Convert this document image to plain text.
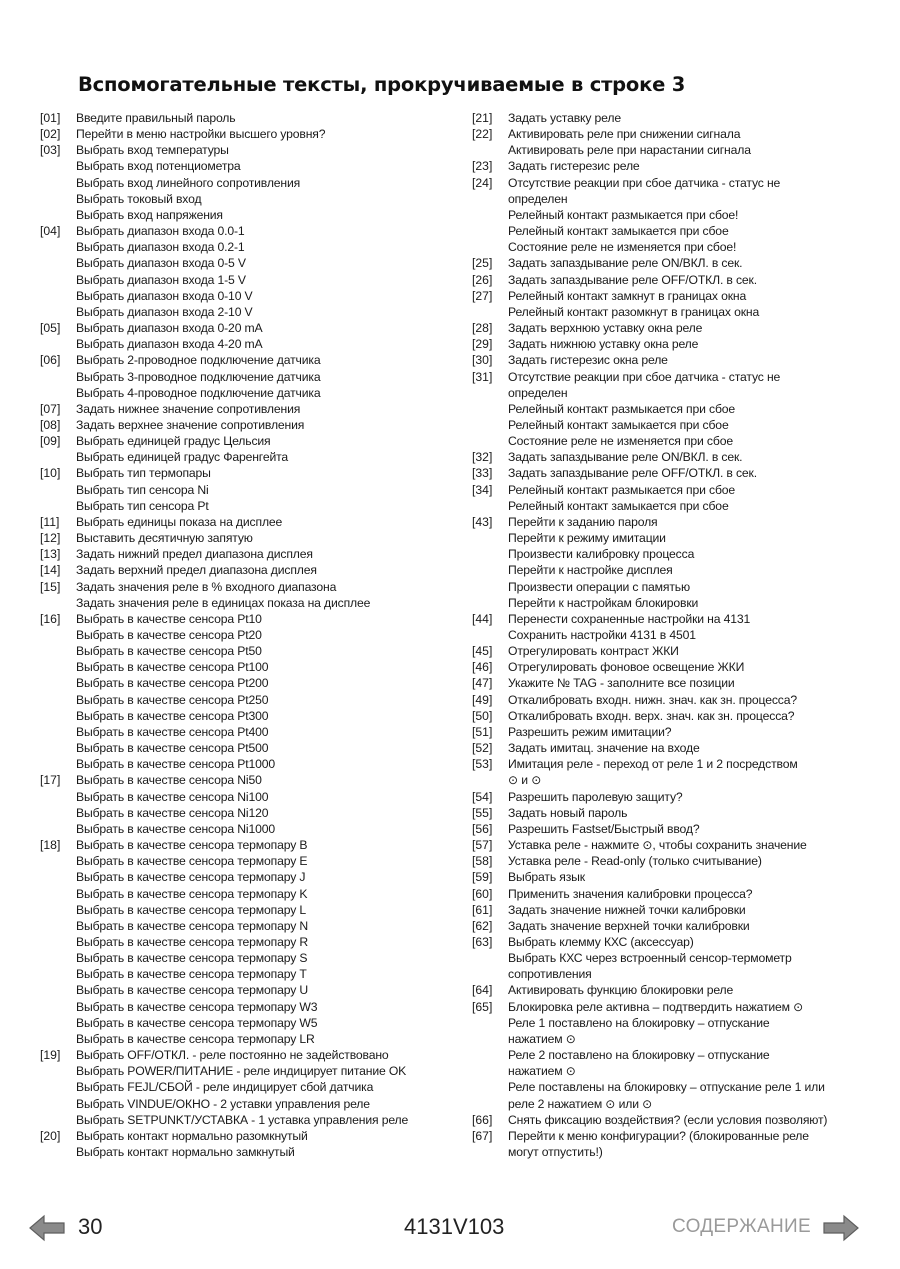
Вспомогательные тексты, прокручиваемые в строке 3
[01]	Введите правильный пароль
[02]	Перейти в меню настройки высшего уровня?
[03]	Выбрать вход температуры
Выбрать вход потенциометра
Выбрать вход линейного сопротивления
Выбрать токовый вход
Выбрать вход напряжения
[04]	Выбрать диапазон входа 0.0-1
Выбрать диапазон входа 0.2-1
Выбрать диапазон входа 0-5 V
Выбрать диапазон входа 1-5 V
Выбрать диапазон входа 0-10 V
Выбрать диапазон входа 2-10 V
[05]	Выбрать диапазон входа 0-20 mA
Выбрать диапазон входа 4-20 mA
[06]	Выбрать 2-проводное подключение датчика
Выбрать 3-проводное подключение датчика
Выбрать 4-проводное подключение датчика
[07]	Задать нижнее значение сопротивления
[08]	Задать верхнее значение сопротивления
[09]	Выбрать единицей градус Цельсия
Выбрать единицей градус Фаренгейта
[10]	Выбрать тип термопары
Выбрать тип сенсора Ni
Выбрать тип сенсора Pt
[11]	Выбрать единицы показа на дисплее
[12]	Выставить десятичную запятую
[13]	Задать нижний предел диапазона дисплея
[14]	Задать верхний предел диапазона дисплея
[15]	Задать значения реле в % входного диапазона
Задать значения реле в единицах показа на дисплее
[16]	Выбрать в качестве сенсора Pt10
Выбрать в качестве сенсора Pt20
Выбрать в качестве сенсора Pt50
Выбрать в качестве сенсора Pt100
Выбрать в качестве сенсора Pt200
Выбрать в качестве сенсора Pt250
Выбрать в качестве сенсора Pt300
Выбрать в качестве сенсора Pt400
Выбрать в качестве сенсора Pt500
Выбрать в качестве сенсора Pt1000
[17]	Выбрать в качестве сенсора Ni50
Выбрать в качестве сенсора Ni100
Выбрать в качестве сенсора Ni120
Выбрать в качестве сенсора Ni1000
[18]	Выбрать в качестве сенсора термопару B
Выбрать в качестве сенсора термопару E
Выбрать в качестве сенсора термопару J
Выбрать в качестве сенсора термопару K
Выбрать в качестве сенсора термопару L
Выбрать в качестве сенсора термопару N
Выбрать в качестве сенсора термопару R
Выбрать в качестве сенсора термопару S
Выбрать в качестве сенсора термопару T
Выбрать в качестве сенсора термопару U
Выбрать в качестве сенсора термопару W3
Выбрать в качестве сенсора термопару W5
Выбрать в качестве сенсора термопару LR
[19]	Выбрать OFF/ОТКЛ. - реле постоянно не задействовано
Выбрать POWER/ПИТАНИЕ - реле индицирует питание OK
Выбрать FEJL/СБОЙ - реле индицирует сбой датчика
Выбрать VINDUE/ОКНО - 2 уставки управления реле
Выбрать SETPUNKT/УСТАВКА - 1 уставка управления реле
[20]	Выбрать контакт нормально разомкнутый
Выбрать контакт нормально замкнутый
[21]	Задать уставку реле
[22]	Активировать реле при снижении сигнала
Активировать реле при нарастании сигнала
[23]	Задать гистерезис реле
[24]	Отсутствие реакции при сбое датчика - статус не
определен
Релейный контакт размыкается при сбое!
Релейный контакт замыкается при сбое
Состояние реле не изменяется при сбое!
[25]	Задать запаздывание реле ON/ВКЛ. в сек.
[26]	Задать запаздывание реле OFF/ОТКЛ. в сек.
[27]	Релейный контакт замкнут в границах окна
Релейный контакт разомкнут в границах окна
[28]	Задать верхнюю уставку окна реле
[29]	Задать нижнюю уставку окна реле
[30]	Задать гистерезис окна реле
[31]	Отсутствие реакции при сбое датчика - статус не
определен
Релейный контакт размыкается при сбое
Релейный контакт замыкается при сбое
Состояние реле не изменяется при сбое
[32]	Задать запаздывание реле ON/ВКЛ. в сек.
[33]	Задать запаздывание реле OFF/ОТКЛ. в сек.
[34]	Релейный контакт размыкается при сбое
Релейный контакт замыкается при сбое
[43]	Перейти к заданию пароля
Перейти к режиму имитации
Произвести калибровку процесса
Перейти к настройке дисплея
Произвести операции с памятью
Перейти к настройкам блокировки
[44]	Перенести сохраненные настройки на 4131
Сохранить настройки 4131 в 4501
[45]	Отрегулировать контраст ЖКИ
[46]	Отрегулировать фоновое освещение ЖКИ
[47]	Укажите № TAG - заполните все позиции
[49]	Откалибровать входн. нижн. знач. как зн. процесса?
[50]	Откалибровать входн. верх. знач. как зн. процесса?
[51]	Разрешить режим имитации?
[52]	Задать имитац. значение на входе
[53]	Имитация реле - переход от реле 1 и 2 посредством
⊙ и ⊙
[54]	Разрешить паролевую защиту?
[55]	Задать новый пароль
[56]	Разрешить Fastset/Быстрый ввод?
[57]	Уставка реле - нажмите ⊙, чтобы сохранить значение
[58]	Уставка реле - Read-only (только считывание)
[59]	Выбрать язык
[60]	Применить значения калибровки процесса?
[61]	Задать значение нижней точки калибровки
[62]	Задать значение верхней точки калибровки
[63]	Выбрать клемму КХС (аксессуар)
Выбрать КХС через встроенный сенсор-термометр
сопротивления
[64]	Активировать функцию блокировки реле
[65]	Блокировка реле активна – подтвердить нажатием ⊙
Реле 1 поставлено на блокировку – отпускание
нажатием ⊙
Реле 2 поставлено на блокировку – отпускание
нажатием ⊙
Реле поставлены на блокировку – отпускание реле 1 или
реле 2 нажатием ⊙ или ⊙
[66]	Снять фиксацию воздействия? (если условия позволяют)
[67]	Перейти к меню конфигурации? (блокированные реле
могут отпустить!)
30	4131V103	СОДЕРЖАНИЕ
